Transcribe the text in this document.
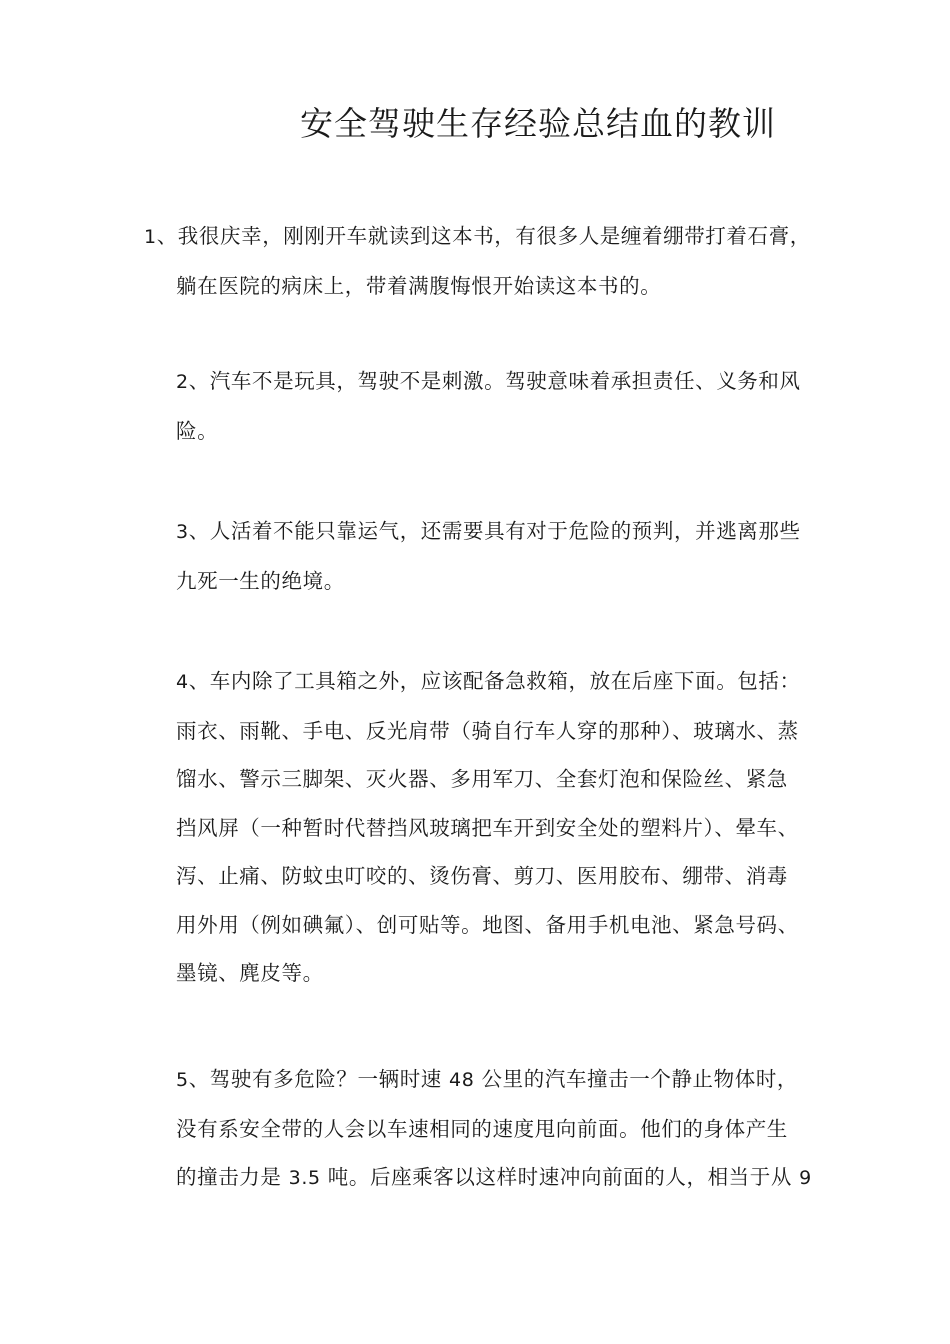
安全驾驶生存经验总结血的教训

1、我很庆幸，刚刚开车就读到这本书，有很多人是缠着绷带打着石膏，
躺在医院的病床上，带着满腹悔恨开始读这本书的。

2、汽车不是玩具，驾驶不是刺激。驾驶意味着承担责任、义务和风
险。

3、人活着不能只靠运气，还需要具有对于危险的预判，并逃离那些
九死一生的绝境。

4、车内除了工具箱之外，应该配备急救箱，放在后座下面。包括：
雨衣、雨靴、手电、反光肩带（骑自行车人穿的那种）、玻璃水、蒸
馏水、警示三脚架、灭火器、多用军刀、全套灯泡和保险丝、紧急
挡风屏（一种暂时代替挡风玻璃把车开到安全处的塑料片）、晕车、
泻、止痛、防蚊虫叮咬的、烫伤膏、剪刀、医用胶布、绷带、消毒
用外用（例如碘氟）、创可贴等。地图、备用手机电池、紧急号码、
墨镜、麂皮等。

5、驾驶有多危险？一辆时速 48 公里的汽车撞击一个静止物体时，
没有系安全带的人会以车速相同的速度甩向前面。他们的身体产生
的撞击力是 3.5 吨。后座乘客以这样时速冲向前面的人，相当于从 9
